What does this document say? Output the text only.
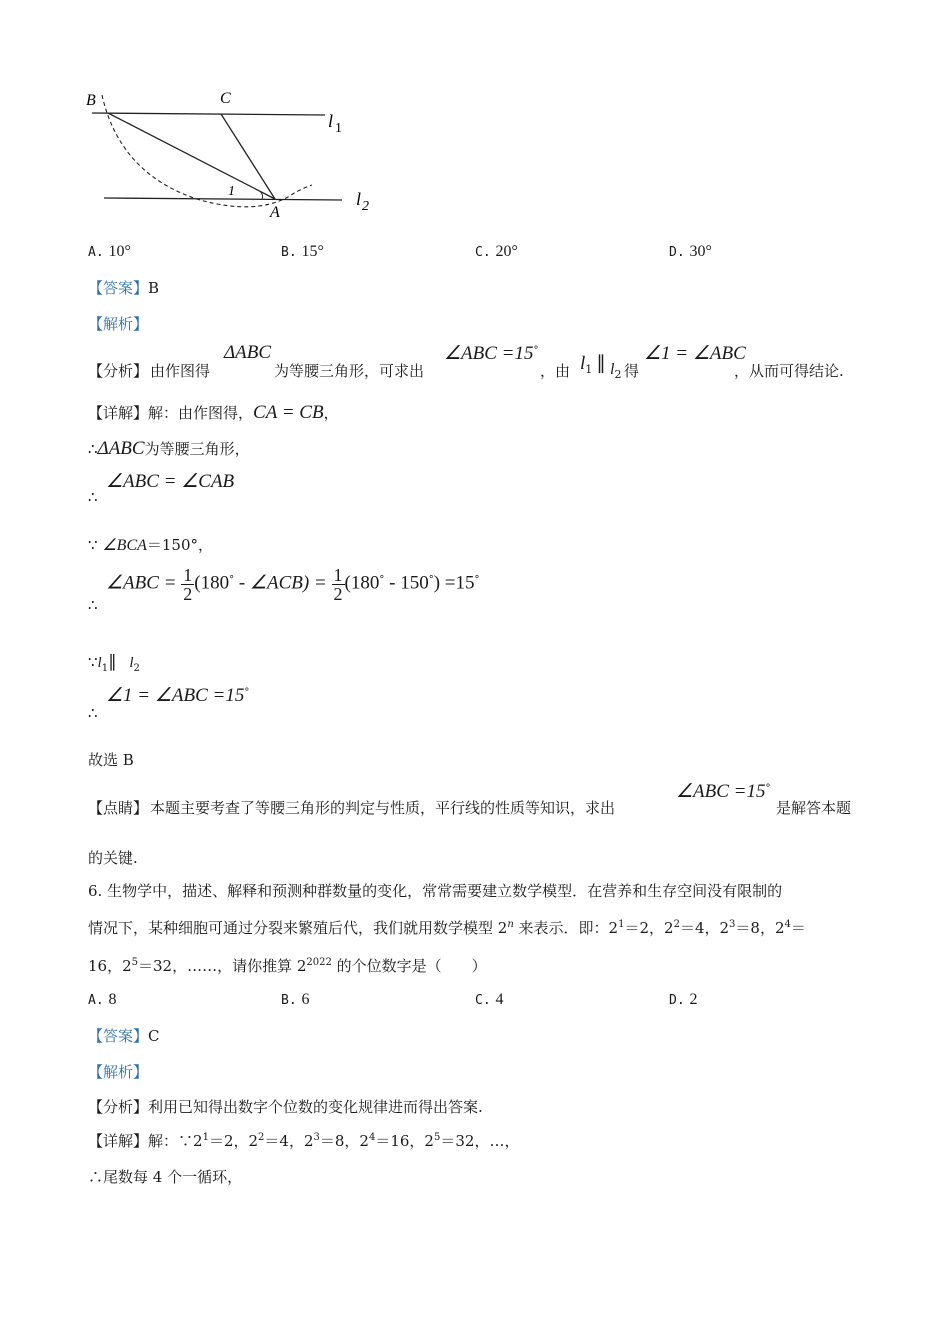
B	C
A
1
l $_1$
$l_2$
A. 10°	B. 15°	C. 20°	D. 30°
【答案】B
【解析】
【分析】 由作图得
ΔABC
为等腰三角形，可求出
∠ABC =15°
，由 $l_1$ ∥ $l_2$ 得
∠1 = ∠ABC
，从而可得结论.
【详解】解：由作图得，CA = CB，
∴ΔABC为等腰三角形，
∴
∠ABC = ∠CAB
∵ ∠BCA＝150°，
∴
∠ABC = $\frac{1}{2} (180^\circ$ - ∠ACB) = $\frac{1}{2} (180^\circ - 150^\circ) =15^\circ$
$\because l_1\parallel$ $l_2$
∴
∠1 = ∠ABC =15°
故选 B
【点睛】 本题主要考查了等腰三角形的判定与性质，平行线的性质等知识，求出
∠ABC =15°
是解答本题
的关键.
6. 生物学中，描述、解释和预测种群数量的变化，常常需要建立数学模型．在营养和生存空间没有限制的
情况下，某种细胞可通过分裂来繁殖后代，我们就用数学模型 2$^n$ 来表示．即：$2^1=2$，$2^2=4$，$2^3=8$，$2^4=$
16，$2^5=32$，……，请你推算 $2^{2022}$ 的个位数字是（　　）
A. 8	B. 6	C. 4	D. 2
【答案】C
【解析】
【分析】利用已知得出数字个位数的变化规律进而得出答案.
【详解】解：$\because 2^1=2$，$2^2=4$，$2^3=8$，$2^4=16$，$2^5=32$，…，
∴尾数每 4 个一循环，
